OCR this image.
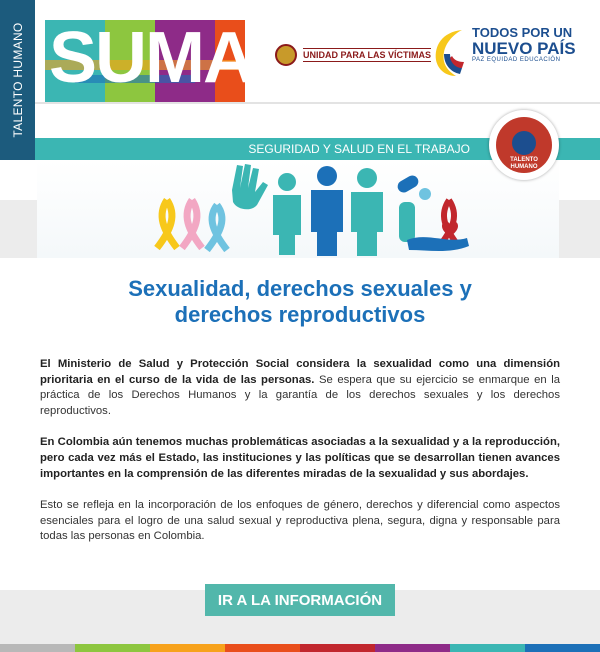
TALENTO HUMANO SUMA	UNIDAD PARA LAS VÍCTIMAS
TODOS POR UN
NUEVO PAÍS
PAZ EQUIDAD EDUCACIÓN
SEGURIDAD Y SALUD EN EL TRABAJO
TALENTO HUMANO
Sexualidad, derechos sexuales y
derechos reproductivos

El Ministerio de Salud y Protección Social considera la sexualidad como una dimensión prioritaria en el curso de la vida de las personas. Se espera que su ejercicio se enmarque en la práctica de los Derechos Humanos y la garantía de los derechos sexuales y los derechos reproductivos.

En Colombia aún tenemos muchas problemáticas asociadas a la sexualidad y a la reproducción, pero cada vez más el Estado, las instituciones y las políticas que se desarrollan tienen avances importantes en la comprensión de las diferentes miradas de la sexualidad y sus abordajes.

Esto se refleja en la incorporación de los enfoques de género, derechos y diferencial como aspectos esenciales para el logro de una salud sexual y reproductiva plena, segura, digna y responsable para todas las personas en Colombia.

IR A LA INFORMACIÓN
